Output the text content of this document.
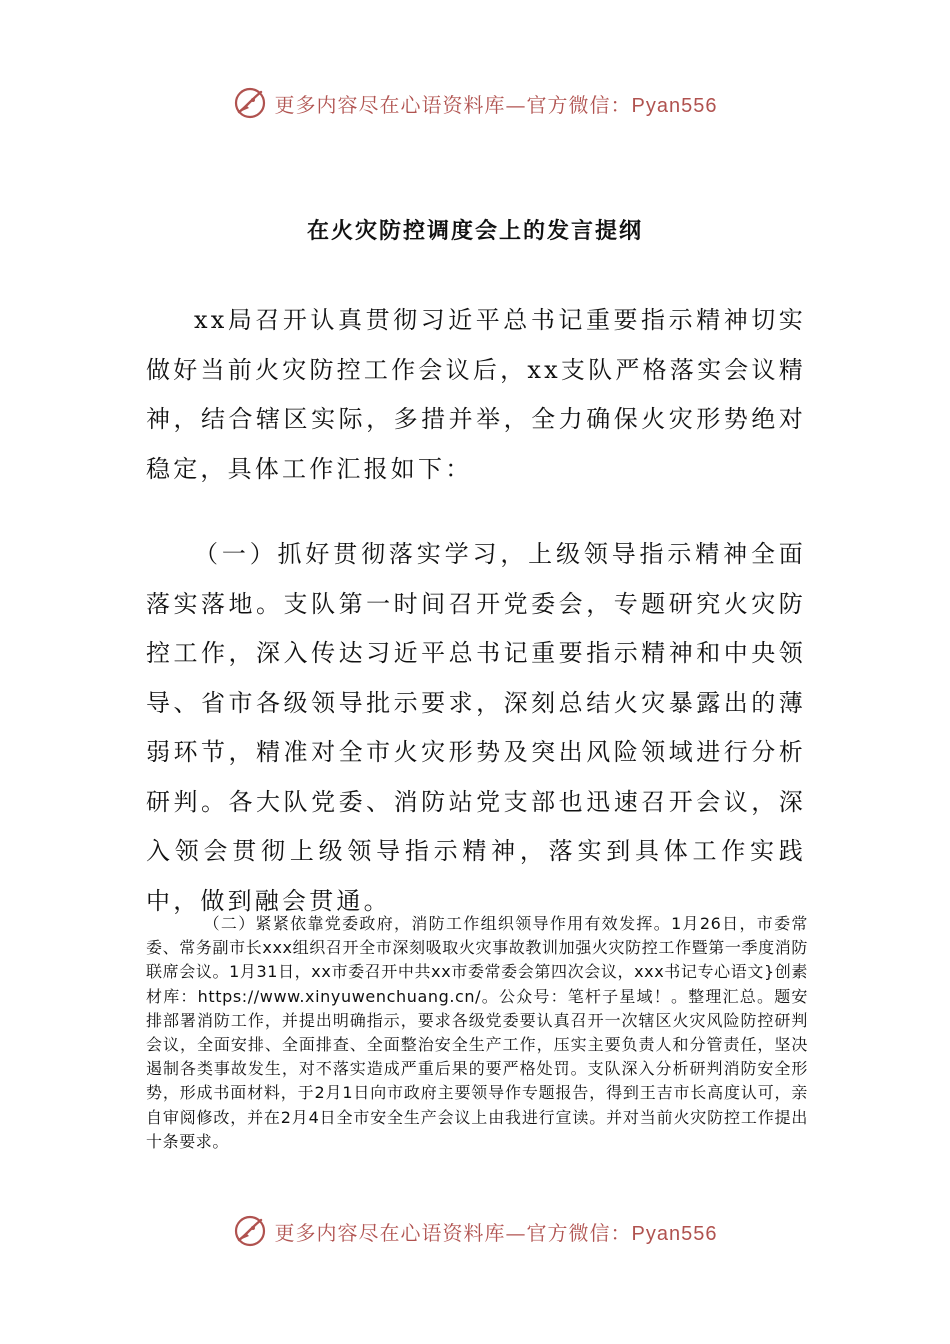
更多内容尽在心语资料库—官方微信：Pyan556
在火灾防控调度会上的发言提纲

xx局召开认真贯彻习近平总书记重要指示精神切实做好当前火灾防控工作会议后，xx支队严格落实会议精神，结合辖区实际，多措并举，全力确保火灾形势绝对稳定，具体工作汇报如下：

（一）抓好贯彻落实学习，上级领导指示精神全面落实落地。支队第一时间召开党委会，专题研究火灾防控工作，深入传达习近平总书记重要指示精神和中央领导、省市各级领导批示要求，深刻总结火灾暴露出的薄弱环节，精准对全市火灾形势及突出风险领域进行分析研判。各大队党委、消防站党支部也迅速召开会议，深入领会贯彻上级领导指示精神，落实到具体工作实践中，做到融会贯通。

（二）紧紧依靠党委政府，消防工作组织领导作用有效发挥。1月26日，市委常委、常务副市长xxx组织召开全市深刻吸取火灾事故教训加强火灾防控工作暨第一季度消防联席会议。1月31日，xx市委召开中共xx市委常委会第四次会议，xxx书记专心语文}创素材库：https://www.xinyuwenchuang.cn/。公众号：笔杆子星域！。整理汇总。题安排部署消防工作，并提出明确指示，要求各级党委要认真召开一次辖区火灾风险防控研判会议，全面安排、全面排查、全面整治安全生产工作，压实主要负责人和分管责任，坚决遏制各类事故发生，对不落实造成严重后果的要严格处罚。支队深入分析研判消防安全形势，形成书面材料，于2月1日向市政府主要领导作专题报告，得到王吉市长高度认可，亲自审阅修改，并在2月4日全市安全生产会议上由我进行宣读。并对当前火灾防控工作提出十条要求。

更多内容尽在心语资料库—官方微信：Pyan556
